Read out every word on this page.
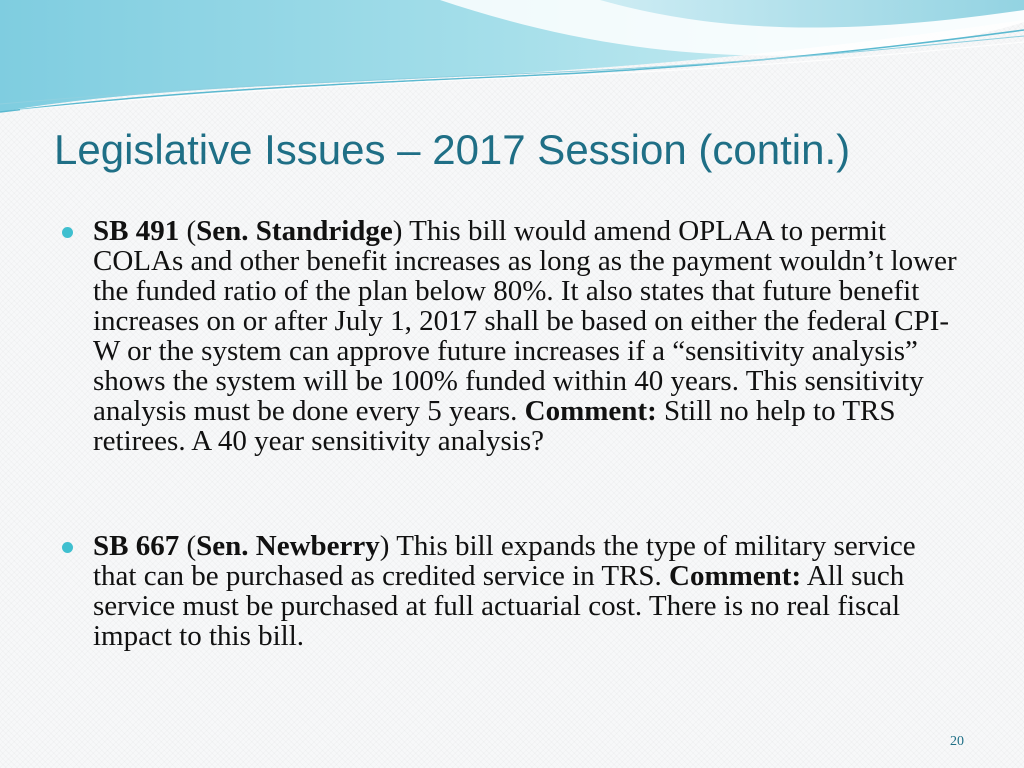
Legislative Issues – 2017 Session (contin.)
SB 491 (Sen. Standridge) This bill would amend OPLAA to permit COLAs and other benefit increases as long as the payment wouldn’t lower the funded ratio of the plan below 80%. It also states that future benefit increases on or after July 1, 2017 shall be based on either the federal CPI-W or the system can approve future increases if a “sensitivity analysis” shows the system will be 100% funded within 40 years. This sensitivity analysis must be done every 5 years. Comment: Still no help to TRS retirees. A 40 year sensitivity analysis?
SB 667 (Sen. Newberry) This bill expands the type of military service that can be purchased as credited service in TRS. Comment: All such service must be purchased at full actuarial cost. There is no real fiscal impact to this bill.
20
